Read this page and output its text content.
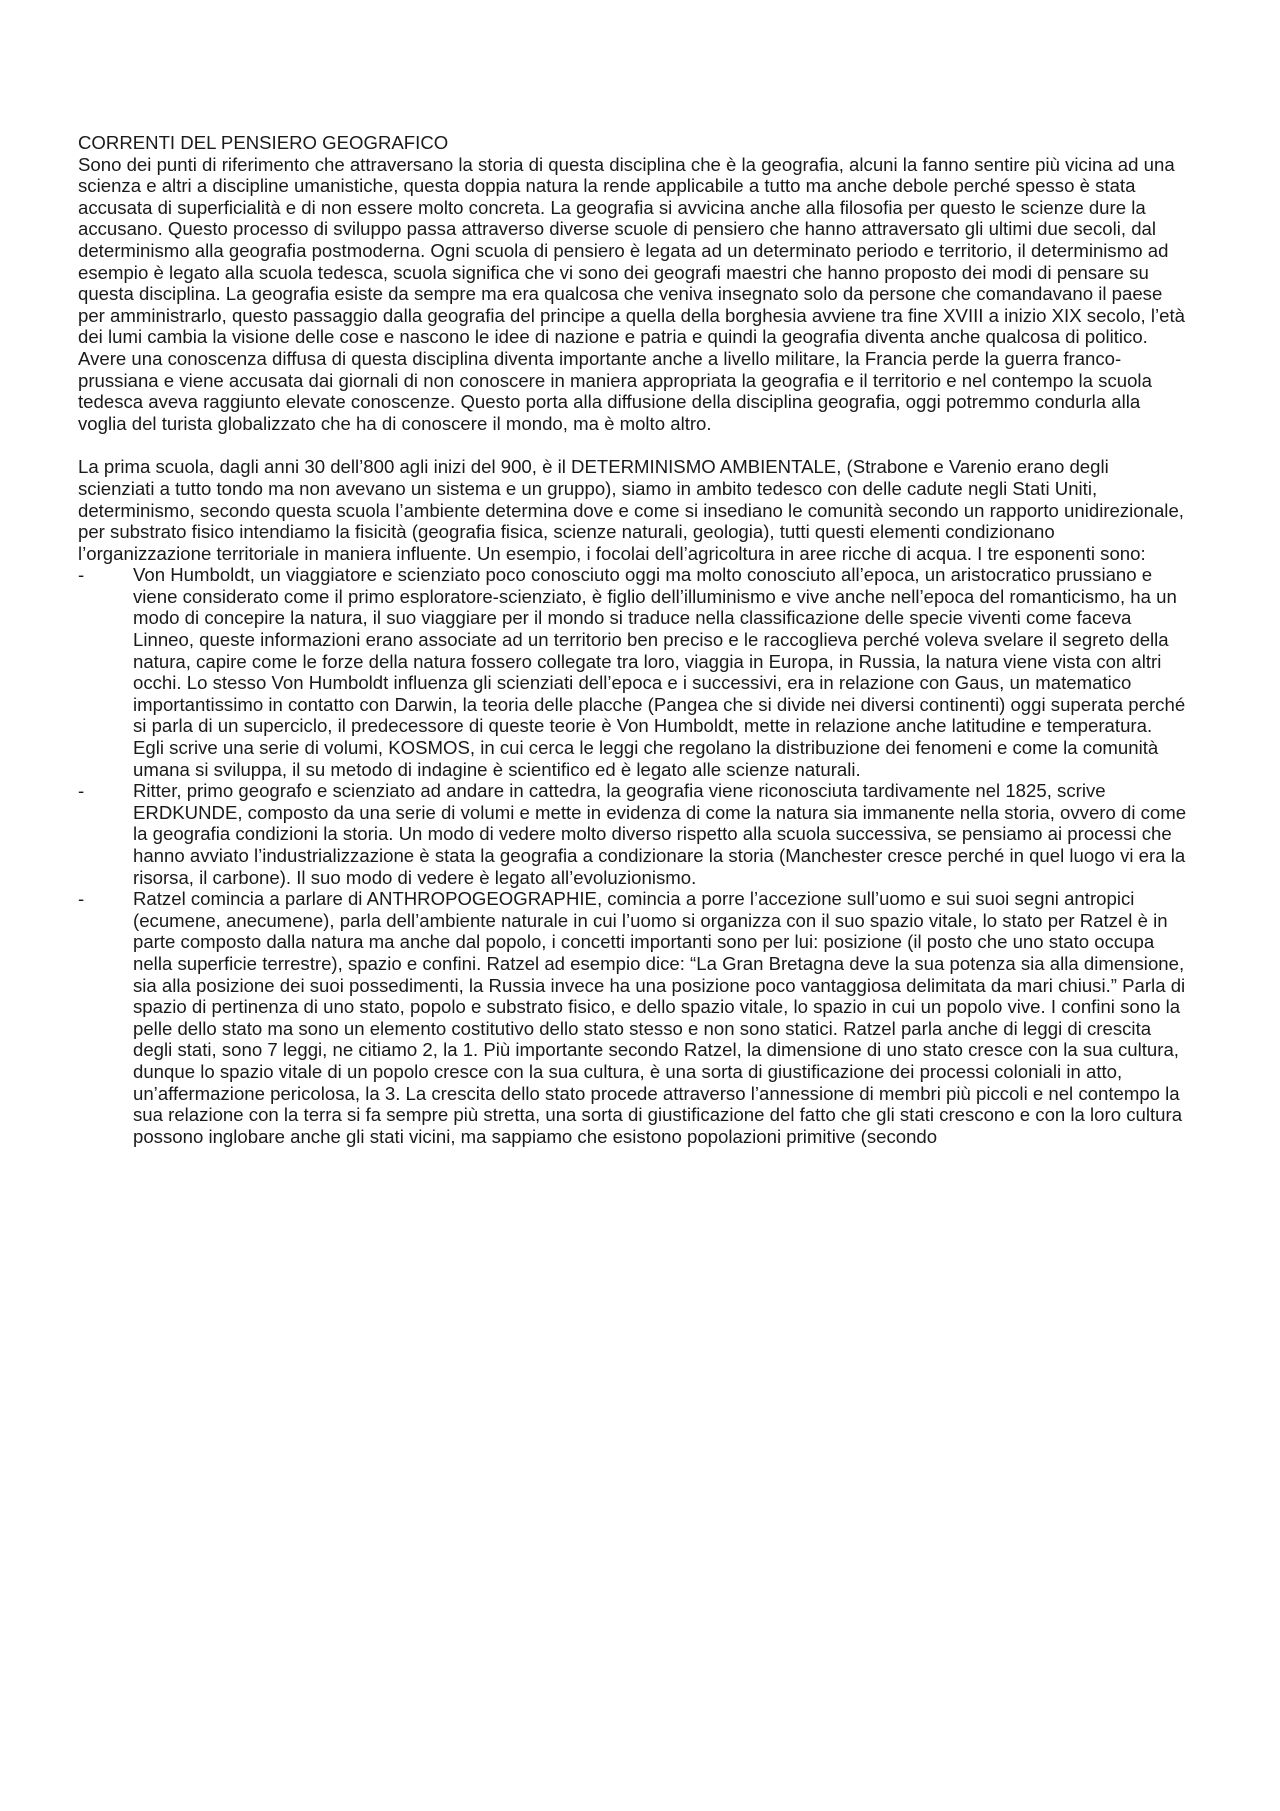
CORRENTI DEL PENSIERO GEOGRAFICO

Sono dei punti di riferimento che attraversano la storia di questa disciplina che è la geografia, alcuni la fanno sentire più vicina ad una scienza e altri a discipline umanistiche, questa doppia natura la rende applicabile a tutto ma anche debole perché spesso è stata accusata di superficialità e di non essere molto concreta. La geografia si avvicina anche alla filosofia per questo le scienze dure la accusano. Questo processo di sviluppo passa attraverso diverse scuole di pensiero che hanno attraversato gli ultimi due secoli, dal determinismo alla geografia postmoderna. Ogni scuola di pensiero è legata ad un determinato periodo e territorio, il determinismo ad esempio è legato alla scuola tedesca, scuola significa che vi sono dei geografi maestri che hanno proposto dei modi di pensare su questa disciplina. La geografia esiste da sempre ma era qualcosa che veniva insegnato solo da persone che comandavano il paese per amministrarlo, questo passaggio dalla geografia del principe a quella della borghesia avviene tra fine XVIII a inizio XIX secolo, l’età dei lumi cambia la visione delle cose e nascono le idee di nazione e patria e quindi la geografia diventa anche qualcosa di politico. Avere una conoscenza diffusa di questa disciplina diventa importante anche a livello militare, la Francia perde la guerra franco-prussiana e viene accusata dai giornali di non conoscere in maniera appropriata la geografia e il territorio e nel contempo la scuola tedesca aveva raggiunto elevate conoscenze. Questo porta alla diffusione della disciplina geografia, oggi potremmo condurla alla voglia del turista globalizzato che ha di conoscere il mondo, ma è molto altro.

La prima scuola, dagli anni 30 dell’800 agli inizi del 900, è il DETERMINISMO AMBIENTALE, (Strabone e Varenio erano degli scienziati a tutto tondo ma non avevano un sistema e un gruppo), siamo in ambito tedesco con delle cadute negli Stati Uniti, determinismo, secondo questa scuola l’ambiente determina dove e come si insediano le comunità secondo un rapporto unidirezionale, per substrato fisico intendiamo la fisicità (geografia fisica, scienze naturali, geologia), tutti questi elementi condizionano l’organizzazione territoriale in maniera influente. Un esempio, i focolai dell’agricoltura in aree ricche di acqua. I tre esponenti sono:

-	Von Humboldt, un viaggiatore e scienziato poco conosciuto oggi ma molto conosciuto all’epoca, un aristocratico prussiano e viene considerato come il primo esploratore-scienziato, è figlio dell’illuminismo e vive anche nell’epoca del romanticismo, ha un modo di concepire la natura, il suo viaggiare per il mondo si traduce nella classificazione delle specie viventi come faceva Linneo, queste informazioni erano associate ad un territorio ben preciso e le raccoglieva perché voleva svelare il segreto della natura, capire come le forze della natura fossero collegate tra loro, viaggia in Europa, in Russia, la natura viene vista con altri occhi. Lo stesso Von Humboldt influenza gli scienziati dell’epoca e i successivi, era in relazione con Gaus, un matematico importantissimo in contatto con Darwin, la teoria delle placche (Pangea che si divide nei diversi continenti) oggi superata perché si parla di un superciclo, il predecessore di queste teorie è Von Humboldt, mette in relazione anche latitudine e temperatura. Egli scrive una serie di volumi, KOSMOS, in cui cerca le leggi che regolano la distribuzione dei fenomeni e come la comunità umana si sviluppa, il su metodo di indagine è scientifico ed è legato alle scienze naturali.
-	Ritter, primo geografo e scienziato ad andare in cattedra, la geografia viene riconosciuta tardivamente nel 1825, scrive ERDKUNDE, composto da una serie di volumi e mette in evidenza di come la natura sia immanente nella storia, ovvero di come la geografia condizioni la storia. Un modo di vedere molto diverso rispetto alla scuola successiva, se pensiamo ai processi che hanno avviato l’industrializzazione è stata la geografia a condizionare la storia (Manchester cresce perché in quel luogo vi era la risorsa, il carbone). Il suo modo di vedere è legato all’evoluzionismo.
-	Ratzel comincia a parlare di ANTHROPOGEOGRAPHIE, comincia a porre l’accezione sull’uomo e sui suoi segni antropici (ecumene, anecumene), parla dell’ambiente naturale in cui l’uomo si organizza con il suo spazio vitale, lo stato per Ratzel è in parte composto dalla natura ma anche dal popolo, i concetti importanti sono per lui: posizione (il posto che uno stato occupa nella superficie terrestre), spazio e confini. Ratzel ad esempio dice: “La Gran Bretagna deve la sua potenza sia alla dimensione, sia alla posizione dei suoi possedimenti, la Russia invece ha una posizione poco vantaggiosa delimitata da mari chiusi.” Parla di spazio di pertinenza di uno stato, popolo e substrato fisico, e dello spazio vitale, lo spazio in cui un popolo vive. I confini sono la pelle dello stato ma sono un elemento costitutivo dello stato stesso e non sono statici. Ratzel parla anche di leggi di crescita degli stati, sono 7 leggi, ne citiamo 2, la 1. Più importante secondo Ratzel, la dimensione di uno stato cresce con la sua cultura, dunque lo spazio vitale di un popolo cresce con la sua cultura, è una sorta di giustificazione dei processi coloniali in atto, un’affermazione pericolosa, la 3. La crescita dello stato procede attraverso l’annessione di membri più piccoli e nel contempo la sua relazione con la terra si fa sempre più stretta, una sorta di giustificazione del fatto che gli stati crescono e con la loro cultura possono inglobare anche gli stati vicini, ma sappiamo che esistono popolazioni primitive (secondo
